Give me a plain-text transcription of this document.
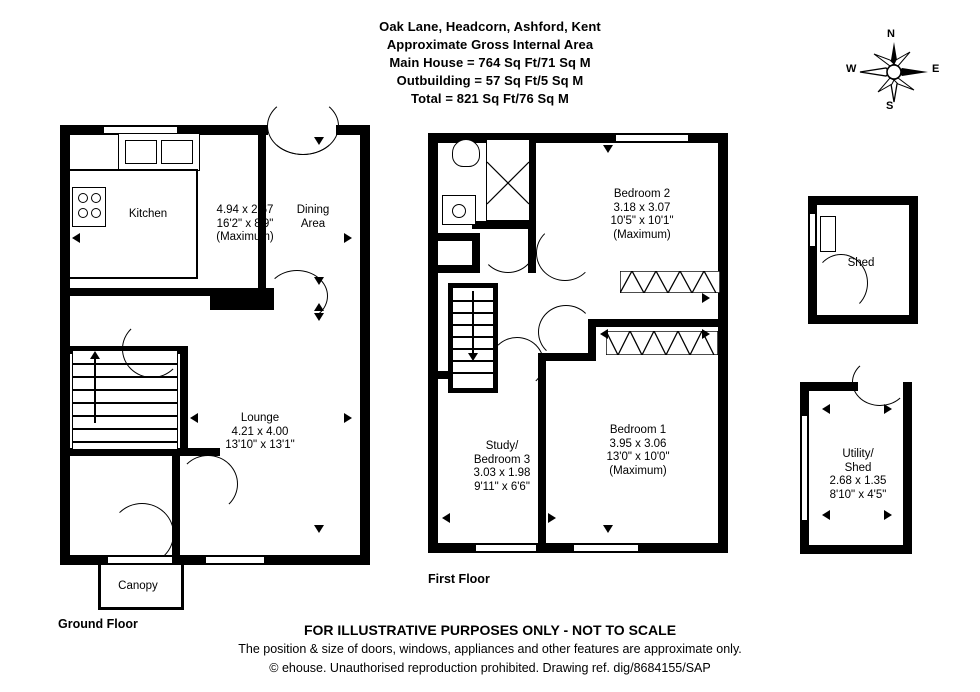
Oak Lane, Headcorn, Ashford, Kent
Approximate Gross Internal Area
Main House = 764 Sq Ft/71 Sq M
Outbuilding = 57 Sq Ft/5 Sq M
Total = 821 Sq Ft/76 Sq M
N
E
S
W
Kitchen	4.94 x 2.67
16'2" x 8'9"
(Maximum)
Dining
Area
Lounge
4.21 x 4.00
13'10" x 13'1"
Canopy
Ground Floor
Bedroom 2
3.18 x 3.07
10'5" x 10'1"
(Maximum)
Bedroom 1
3.95 x 3.06
13'0" x 10'0"
(Maximum)
Study/
Bedroom 3
3.03 x 1.98
9'11" x 6'6"
First Floor
Shed
Utility/
Shed
2.68 x 1.35
8'10" x 4'5"
FOR ILLUSTRATIVE PURPOSES ONLY - NOT TO SCALE
The position & size of doors, windows, appliances and other features are approximate only.
© ehouse. Unauthorised reproduction prohibited. Drawing ref. dig/8684155/SAP
